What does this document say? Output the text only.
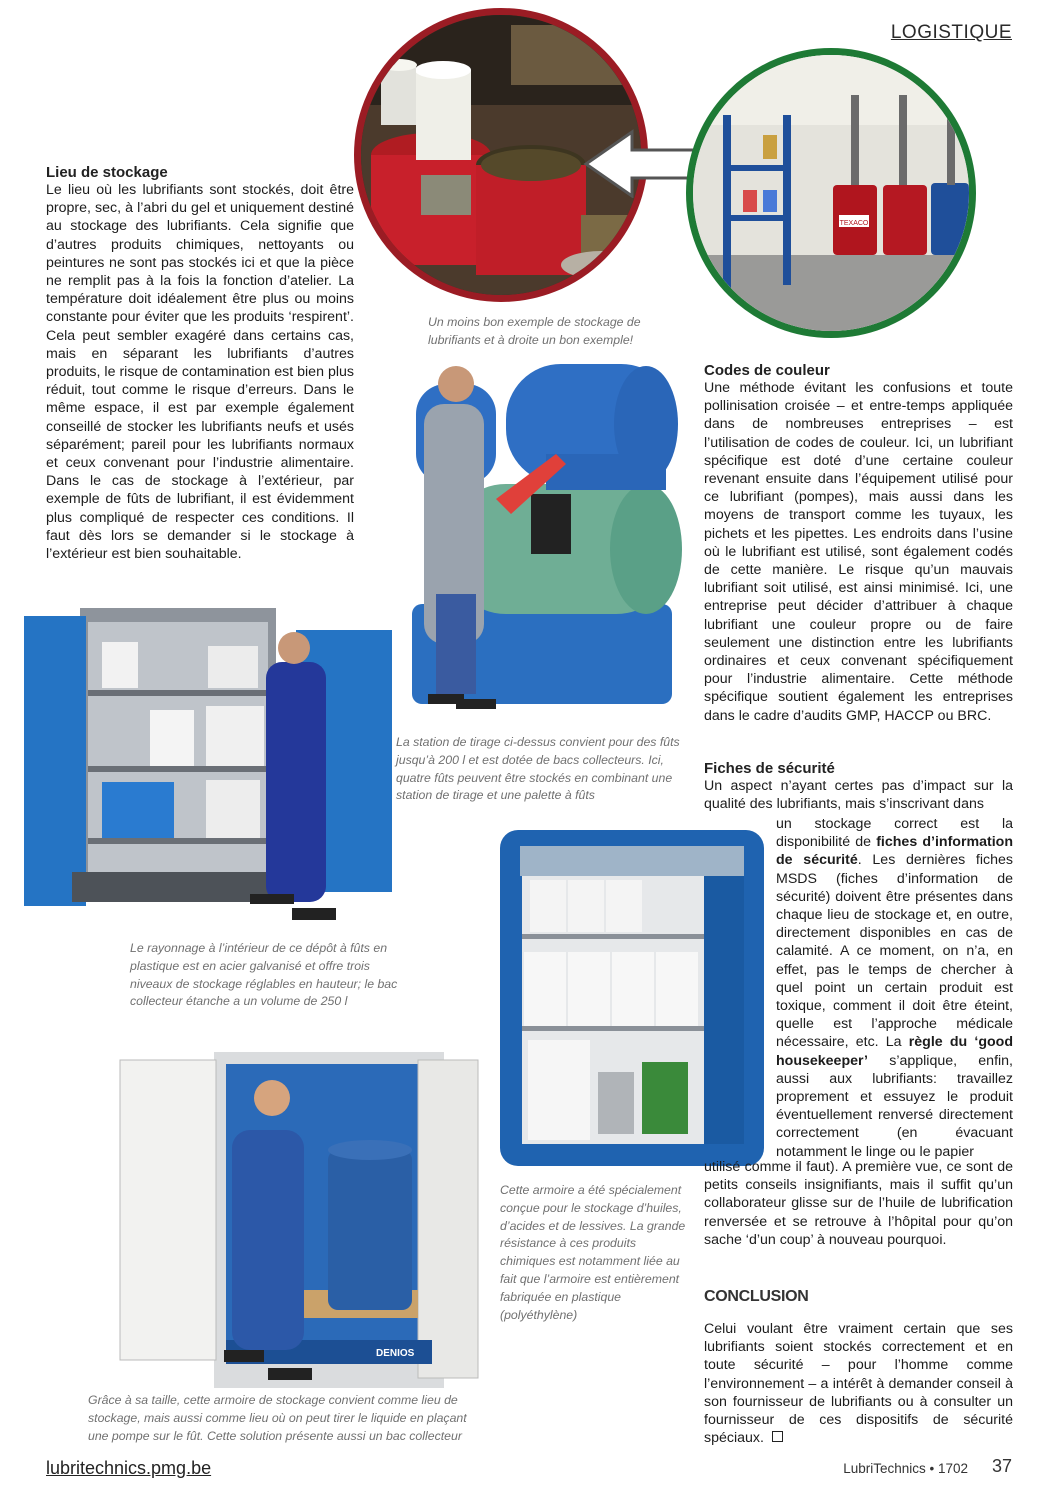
LOGISTIQUE
Lieu de stockage

Le lieu où les lubrifiants sont stockés, doit être propre, sec, à l’abri du gel et uniquement destiné au stockage des lubrifiants. Cela signifie que d’autres produits chimiques, nettoyants ou peintures ne sont pas stockés ici et que la pièce ne remplit pas à la fois la fonction d’atelier. La température doit idéalement être plus ou moins constante pour éviter que les produits ‘respirent’. Cela peut sembler exagéré dans certains cas, mais en séparant les lubrifiants d’autres produits, le risque de contamination est bien plus réduit, tout comme le risque d’erreurs. Dans le même espace, il est par exemple également conseillé de stocker les lubrifiants neufs et usés séparément; pareil pour les lubrifiants normaux et ceux convenant pour l’industrie alimentaire. Dans le cas de stockage à l’extérieur, par exemple de fûts de lubrifiant, il est évidemment plus compliqué de respecter ces conditions. Il faut dès lors se demander si le stockage à l’extérieur est bien souhaitable.

TEXACO

Un moins bon exemple de stockage de lubrifiants et à droite un bon exemple!

La station de tirage ci-dessus convient pour des fûts jusqu’à 200 l et est dotée de bacs collecteurs. Ici, quatre fûts peuvent être stockés en combinant une station de tirage et une palette à fûts

Le rayonnage à l’intérieur de ce dépôt à fûts en plastique est en acier galvanisé et offre trois niveaux de stockage réglables en hauteur; le bac collecteur étanche a un volume de 250 l

Cette armoire a été spécialement conçue pour le stockage d’huiles, d’acides et de lessives. La grande résistance à ces produits chimiques est notamment liée au fait que l’armoire est entièrement fabriquée en plastique (polyéthylène)

DENIOS

Grâce à sa taille, cette armoire de stockage convient comme lieu de stockage, mais aussi comme lieu où on peut tirer le liquide en plaçant une pompe sur le fût. Cette solution présente aussi un bac collecteur

Codes de couleur

Une méthode évitant les confusions et toute pollinisation croisée – et entre-temps appliquée dans de nombreuses entreprises – est l’utilisation de codes de couleur. Ici, un lubrifiant spécifique est doté d’une certaine couleur revenant ensuite dans l’équipement utilisé pour ce lubrifiant (pompes), mais aussi dans les moyens de transport comme les tuyaux, les pichets et les pipettes. Les endroits dans l’usine où le lubrifiant est utilisé, sont également codés de cette manière. Le risque qu’un mauvais lubrifiant soit utilisé, est ainsi minimisé. Ici, une entreprise peut décider d’attribuer à chaque lubrifiant une couleur propre ou de faire seulement une distinction entre les lubrifiants ordinaires et ceux convenant spécifiquement pour l’industrie alimentaire. Cette méthode spécifique soutient également les entreprises dans le cadre d’audits GMP, HACCP ou BRC.

Fiches de sécurité

Un aspect n’ayant certes pas d’impact sur la qualité des lubrifiants, mais s’inscrivant dans

un stockage correct est la disponibilité de fiches d’information de sécurité. Les dernières fiches MSDS (fiches d’information de sécurité) doivent être présentes dans chaque lieu de stockage et, en outre, directement disponibles en cas de calamité. A ce moment, on n’a, en effet, pas le temps de chercher à quel point un certain produit est toxique, comment il doit être éteint, quelle est l’approche médicale nécessaire, etc. La règle du ‘good housekeeper’ s’applique, enfin, aussi aux lubrifiants: travaillez proprement et essuyez le produit éventuellement renversé directement correctement (en évacuant notamment le linge ou le papier

utilisé comme il faut). A première vue, ce sont de petits conseils insignifiants, mais il suffit qu’un collaborateur glisse sur de l’huile de lubrification renversée et se retrouve à l’hôpital pour qu’on sache ‘d’un coup’ à nouveau pourquoi.

CONCLUSION

Celui voulant être vraiment certain que ses lubrifiants soient stockés correctement et en toute sécurité – pour l’homme comme l’environnement – a intérêt à demander conseil à son fournisseur de lubrifiants ou à consulter un fournisseur de ces dispositifs de sécurité spéciaux.

lubritechnics.pmg.be	LubriTechnics • 1702 37
